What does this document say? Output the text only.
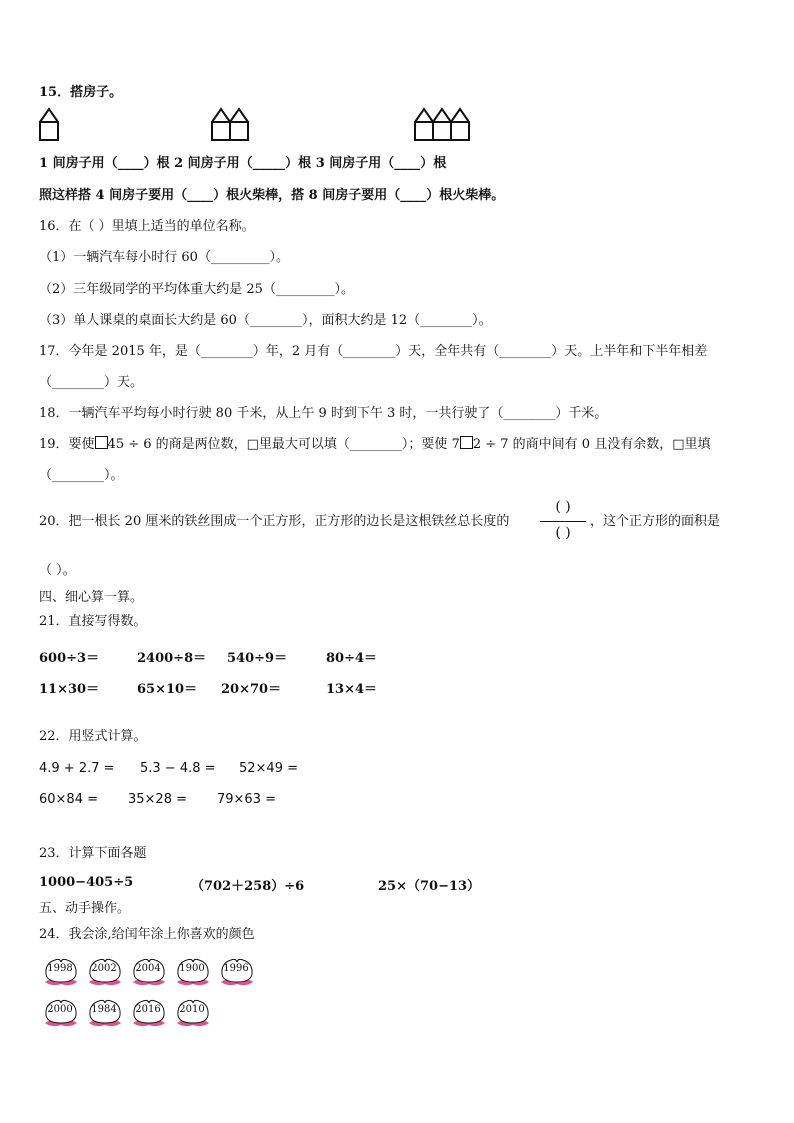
15．搭房子。
1 间房子用（____）根 2 间房子用（_____）根 3 间房子用（____）根
照这样搭 4 间房子要用（____）根火柴棒，搭 8 间房子要用（____）根火柴棒。
16．在（ ）里填上适当的单位名称。
（1）一辆汽车每小时行 60（_________）。
（2）三年级同学的平均体重大约是 25（_________）。
（3）单人课桌的桌面长大约是 60（________），面积大约是 12（________）。
17．今年是 2015 年，是（________）年，2 月有（________）天，全年共有（________）天。上半年和下半年相差
（________）天。
18．一辆汽车平均每小时行驶 80 千米，从上午 9 时到下午 3 时，一共行驶了（________）千米。
19．要使 45 ÷ 6 的商是两位数，□里最大可以填（________）；要使 7 2 ÷ 7 的商中间有 0 且没有余数，□里填
（________）。
20．把一根长 20 厘米的铁丝围成一个正方形，正方形的边长是这根铁丝总长度的
( )
( )
，这个正方形的面积是
（ ）。
四、细心算一算。
21．直接写得数。
600÷3＝	2400÷8＝ 540÷9＝	80÷4＝
11×30＝	65×10＝ 20×70＝	13×4＝
22．用竖式计算。
4.9 + 2.7 = 5.3 − 4.8 = 52×49 =
60×84 = 35×28 = 79×63 =
23．计算下面各题
1000−405÷5	（702＋258）÷6	25×（70−13）
五、动手操作。
24．我会涂,给闰年涂上你喜欢的颜色
1998	2002	2004	1900	1996
2000	1984	2016	2010
